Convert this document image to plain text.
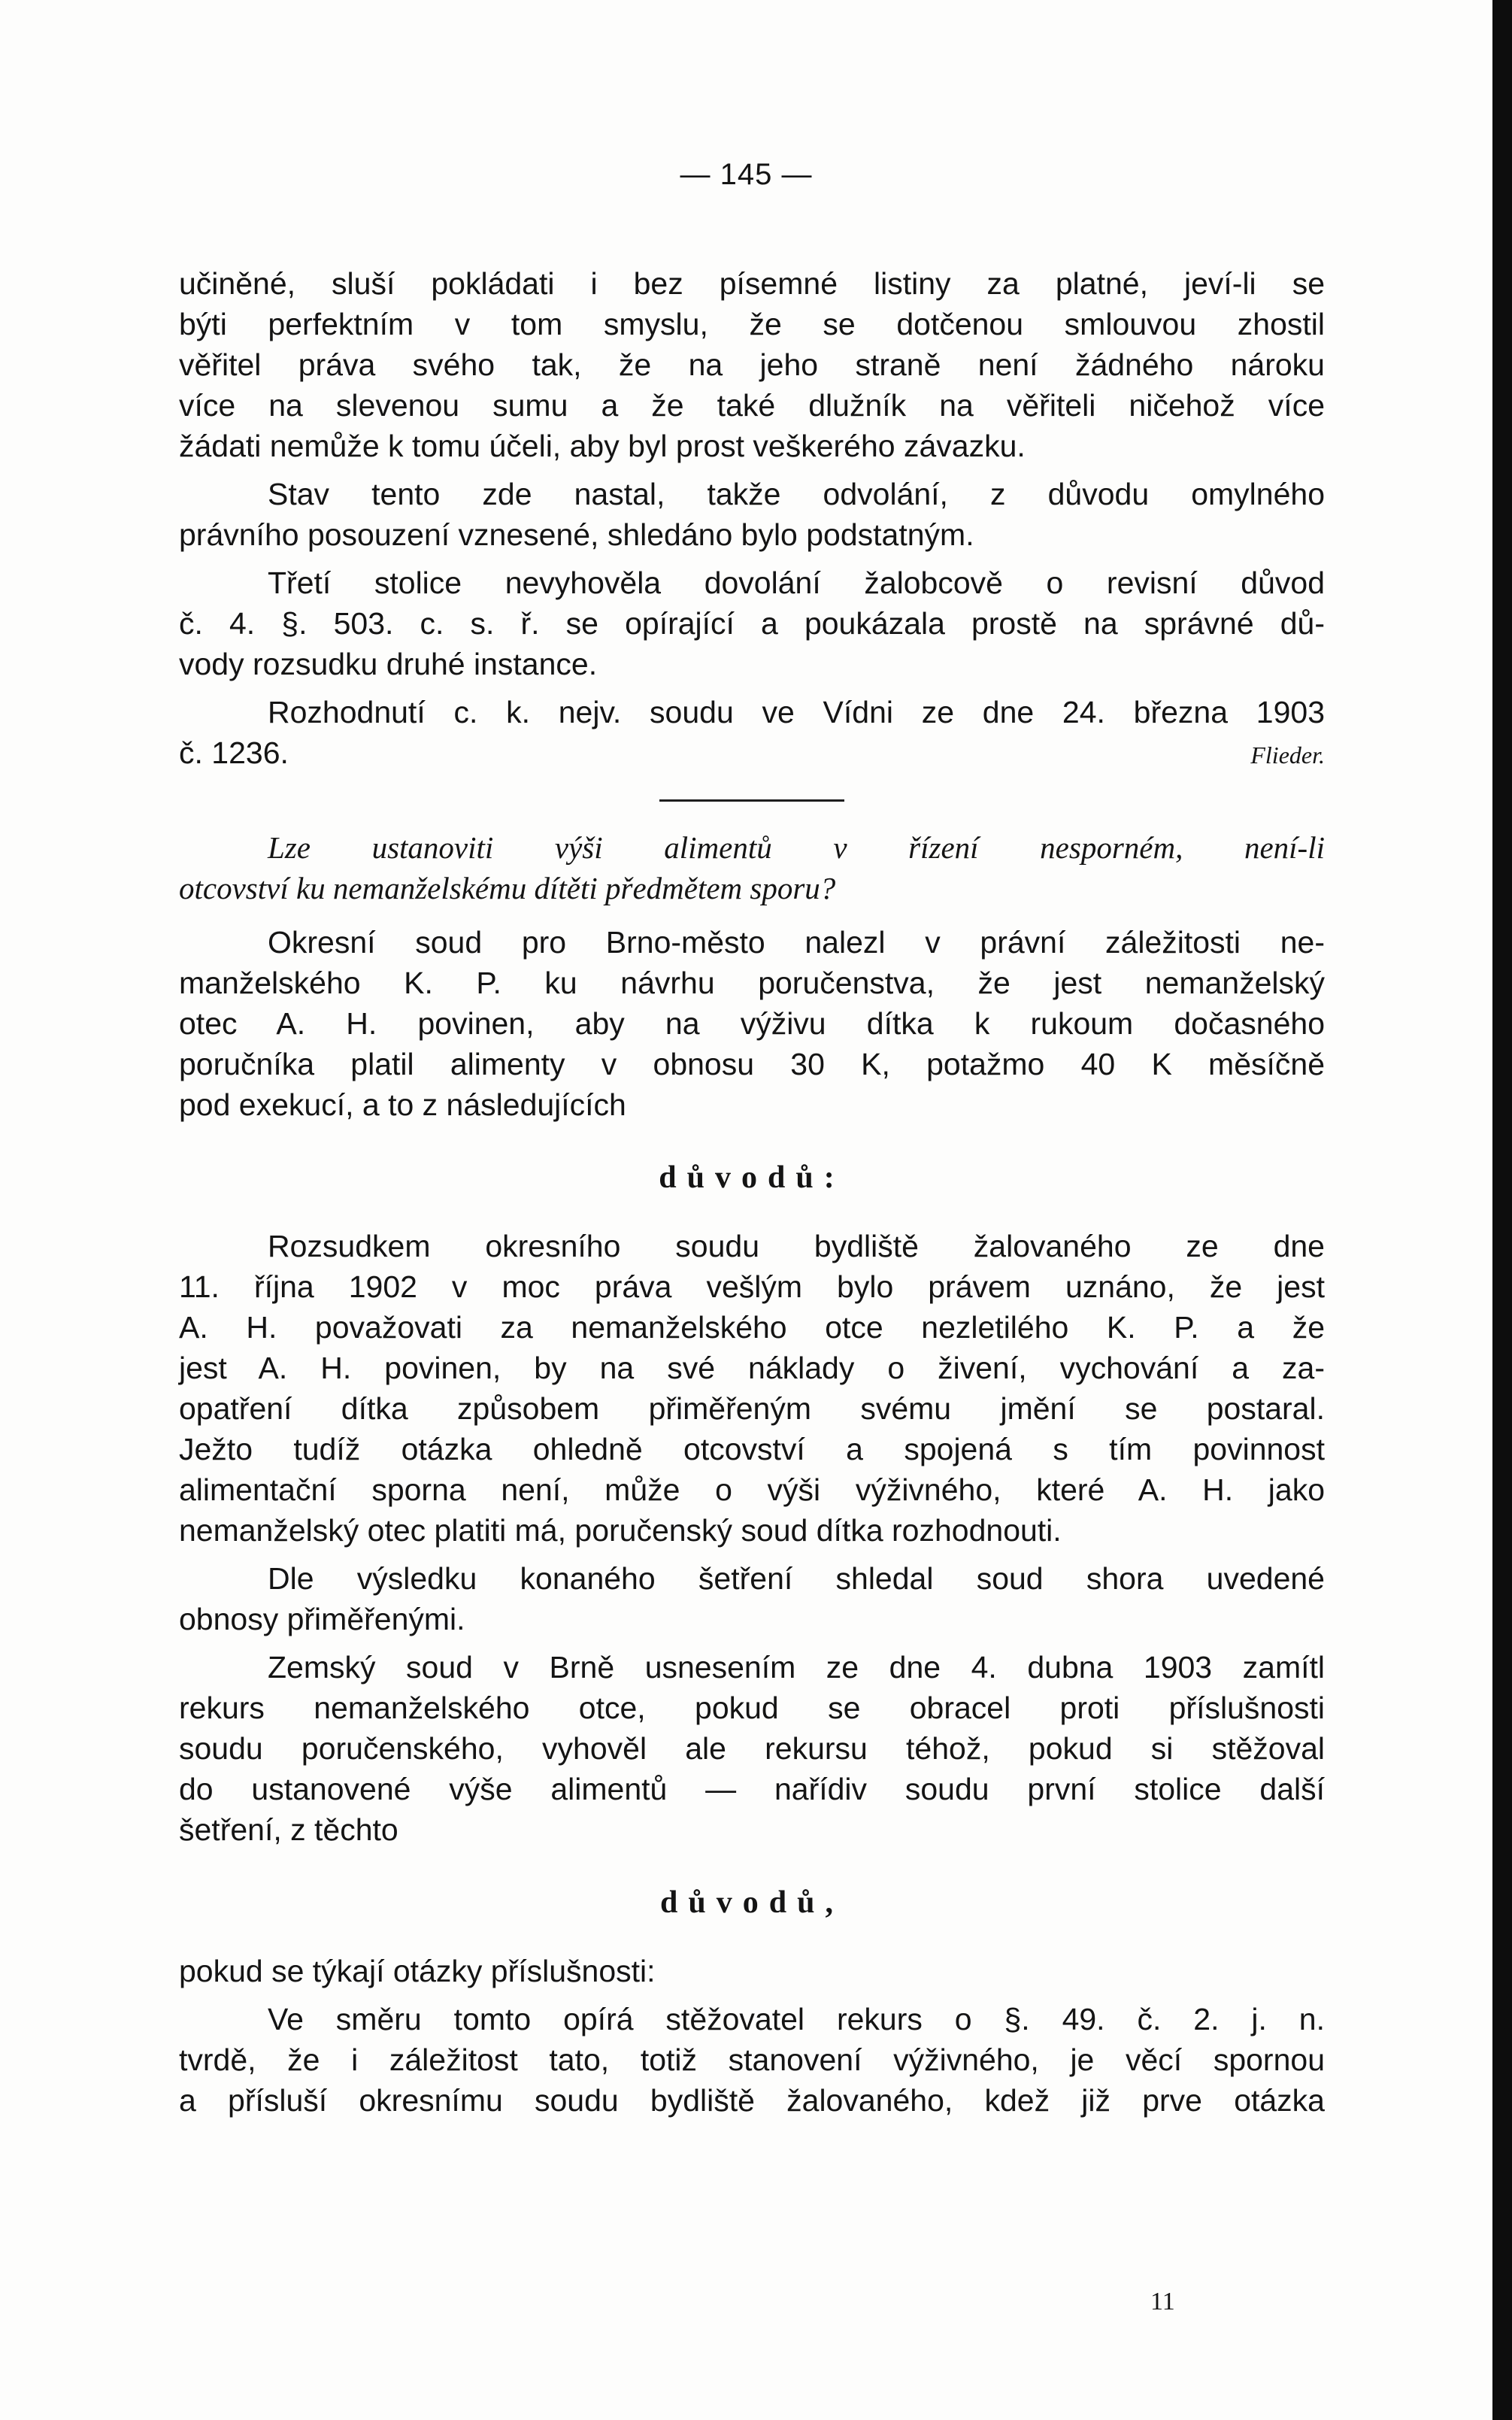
— 145 —
učiněné, sluší pokládati i bez písemné listiny za platné, jeví-li se
býti perfektním v tom smyslu, že se dotčenou smlouvou zhostil
věřitel práva svého tak, že na jeho straně není žádného nároku
více na slevenou sumu a že také dlužník na věřiteli ničehož více
žádati nemůže k tomu účeli, aby byl prost veškerého závazku.
Stav tento zde nastal, takže odvolání, z důvodu omylného
právního posouzení vznesené, shledáno bylo podstatným.
Třetí stolice nevyhověla dovolání žalobcově o revisní důvod
č. 4. §. 503. c. s. ř. se opírající a poukázala prostě na správné dů-
vody rozsudku druhé instance.
Rozhodnutí c. k. nejv. soudu ve Vídni ze dne 24. března 1903
č. 1236.	Flieder.
Lze ustanoviti výši alimentů v řízení nesporném, není-li
otcovství ku nemanželskému dítěti předmětem sporu?
Okresní soud pro Brno-město nalezl v právní záležitosti ne-
manželského K. P. ku návrhu poručenstva, že jest nemanželský
otec A. H. povinen, aby na výživu dítka k rukoum dočasného
poručníka platil alimenty v obnosu 30 K, potažmo 40 K měsíčně
pod exekucí, a to z následujících
důvodů:
Rozsudkem okresního soudu bydliště žalovaného ze dne
11. října 1902 v moc práva vešlým bylo právem uznáno, že jest
A. H. považovati za nemanželského otce nezletilého K. P. a že
jest A. H. povinen, by na své náklady o živení, vychování a za-
opatření dítka způsobem přiměřeným svému jmění se postaral.
Ježto tudíž otázka ohledně otcovství a spojená s tím povinnost
alimentační sporna není, může o výši výživného, které A. H. jako
nemanželský otec platiti má, poručenský soud dítka rozhodnouti.
Dle výsledku konaného šetření shledal soud shora uvedené
obnosy přiměřenými.
Zemský soud v Brně usnesením ze dne 4. dubna 1903 zamítl
rekurs nemanželského otce, pokud se obracel proti příslušnosti
soudu poručenského, vyhověl ale rekursu téhož, pokud si stěžoval
do ustanovené výše alimentů — nařídiv soudu první stolice další
šetření, z těchto
důvodů,
pokud se týkají otázky příslušnosti:
Ve směru tomto opírá stěžovatel rekurs o §. 49. č. 2. j. n.
tvrdě, že i záležitost tato, totiž stanovení výživného, je věcí spornou
a přísluší okresnímu soudu bydliště žalovaného, kdež již prve otázka
11
